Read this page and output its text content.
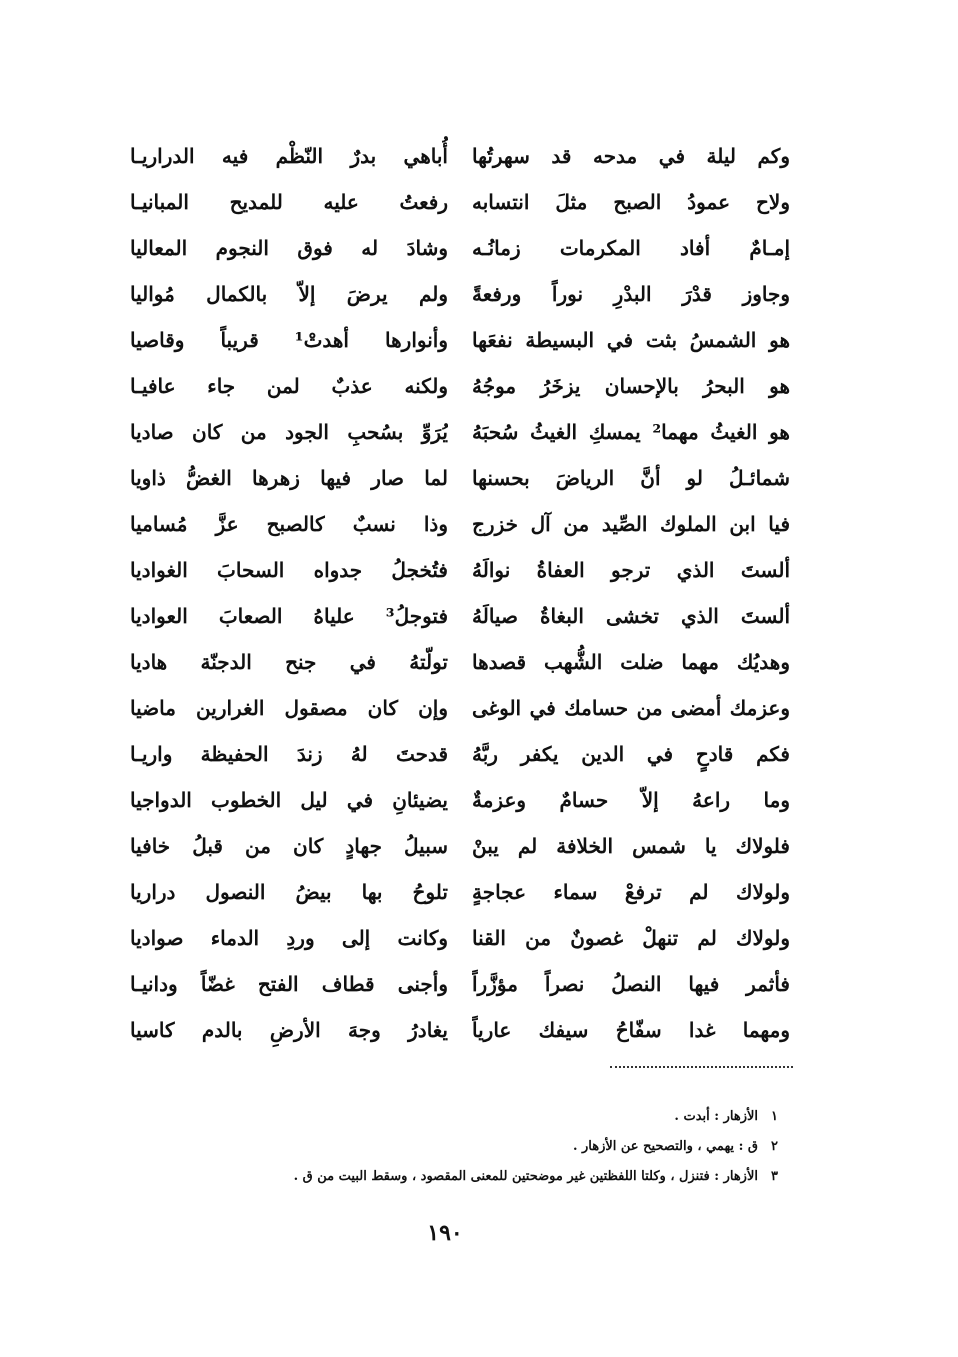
وكم ليلة في مدحه قد سهرتُها
أُباهي بدرٌ النّظْم فيه الدراريـا
ولاح عمودُ الصبح مثلَ انتسابه
رفعتُ عليه للمديح المبانيـا
إمـامٌ أفاد المكرمات زمانُـه
وشادَ له فوق النجوم المعاليا
وجاوز قدْرَ البدْرِ نوراً ورفعةً
ولم يرضَ إلاّ بالكمال مُواليا
هو الشمسُ بثت في البسيطة نفعَها
وأنوارها أهدتْ¹ قريباً وقاصيا
هو البحرُ بالإحسان يزخَرُ موجُهُ
ولكنه عذبٌ لمن جاء عافيـا
هو الغيثُ مهما² يمسكِ الغيثُ سُحبَهُ
يُرَوِّ بسُحبِ الجود من كان صاديا
شمائـلُ لو أنَّ الرياضَ بحسنها
لما صار فيها زهرها الغضُّ ذاويا
فيا ابن الملوك الصِّيد من آل خزرج
وذا نسبٌ كالصبح عزَّ مُساميا
ألستَ الذي ترجو العفاةُ نوالَهُ
فتُخجلُ جدواه السحابَ الغواديا
ألستَ الذي تخشى البغاةُ صيالَهُ
فتوجلُ³ علياهُ الصعابَ العواديا
وهديُك مهما ضلت الشُّهب قصدها
تولّتهُ في جنح الدجنّة هاديا
وعزمك أمضى من حسامك في الوغى
وإن كان مصقول الغرارين ماضيا
فكم قادحٍ في الدين يكفر ربَّهُ
قدحتَ لهُ زندَ الحفيظة واريـا
وما راعهُ إلاّ حسامٌ وعزمةٌ
يضيئانِ في ليل الخطوب الدواجيا
فلولاك يا شمس الخلافة لم يبنْ
سبيلُ جهادٍ كان من قبلُ خافيا
ولولاك لم ترفعْ سماء عجاجةٍ
تلوحُ بها بيضُ النصول دراريا
ولولاك لم تنهلْ غصونٌ من القنا
وكانت إلى وردِ الدماء صواديا
فأثمر فيها النصلُ نصراً مؤزَّراً
وأجنى قطاف الفتح غضّاً ودانيـا
ومهما غدا سفّاحُ سيفك عارياً
يغادرُ وجهَ الأرضِ بالدم كاسيا
١الأزهار : أبدت .
٢ق : يهمي ، والتصحيح عن الأزهار .
٣الأزهار : فتنزل ، وكلتا اللفظتين غير موضحتين للمعنى المقصود ، وسقط البيت من ق .
١٩٠
